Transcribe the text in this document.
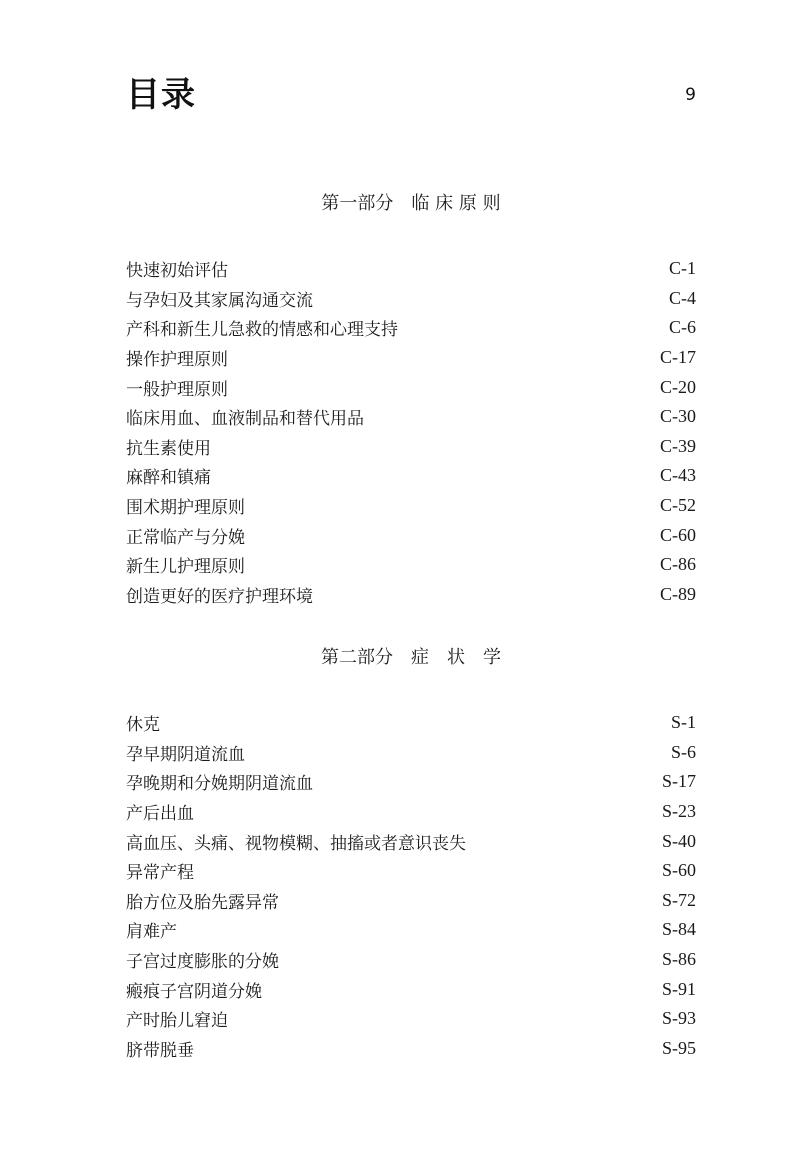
目录	9
第一部分　临 床 原 则
快速初始评估	C-1
与孕妇及其家属沟通交流	C-4
产科和新生儿急救的情感和心理支持	C-6
操作护理原则	C-17
一般护理原则	C-20
临床用血、血液制品和替代用品	C-30
抗生素使用	C-39
麻醉和镇痛	C-43
围术期护理原则	C-52
正常临产与分娩	C-60
新生儿护理原则	C-86
创造更好的医疗护理环境	C-89
第二部分　症　状　学
休克	S-1
孕早期阴道流血	S-6
孕晚期和分娩期阴道流血	S-17
产后出血	S-23
高血压、头痛、视物模糊、抽搐或者意识丧失	S-40
异常产程	S-60
胎方位及胎先露异常	S-72
肩难产	S-84
子宫过度膨胀的分娩	S-86
瘢痕子宫阴道分娩	S-91
产时胎儿窘迫	S-93
脐带脱垂	S-95
